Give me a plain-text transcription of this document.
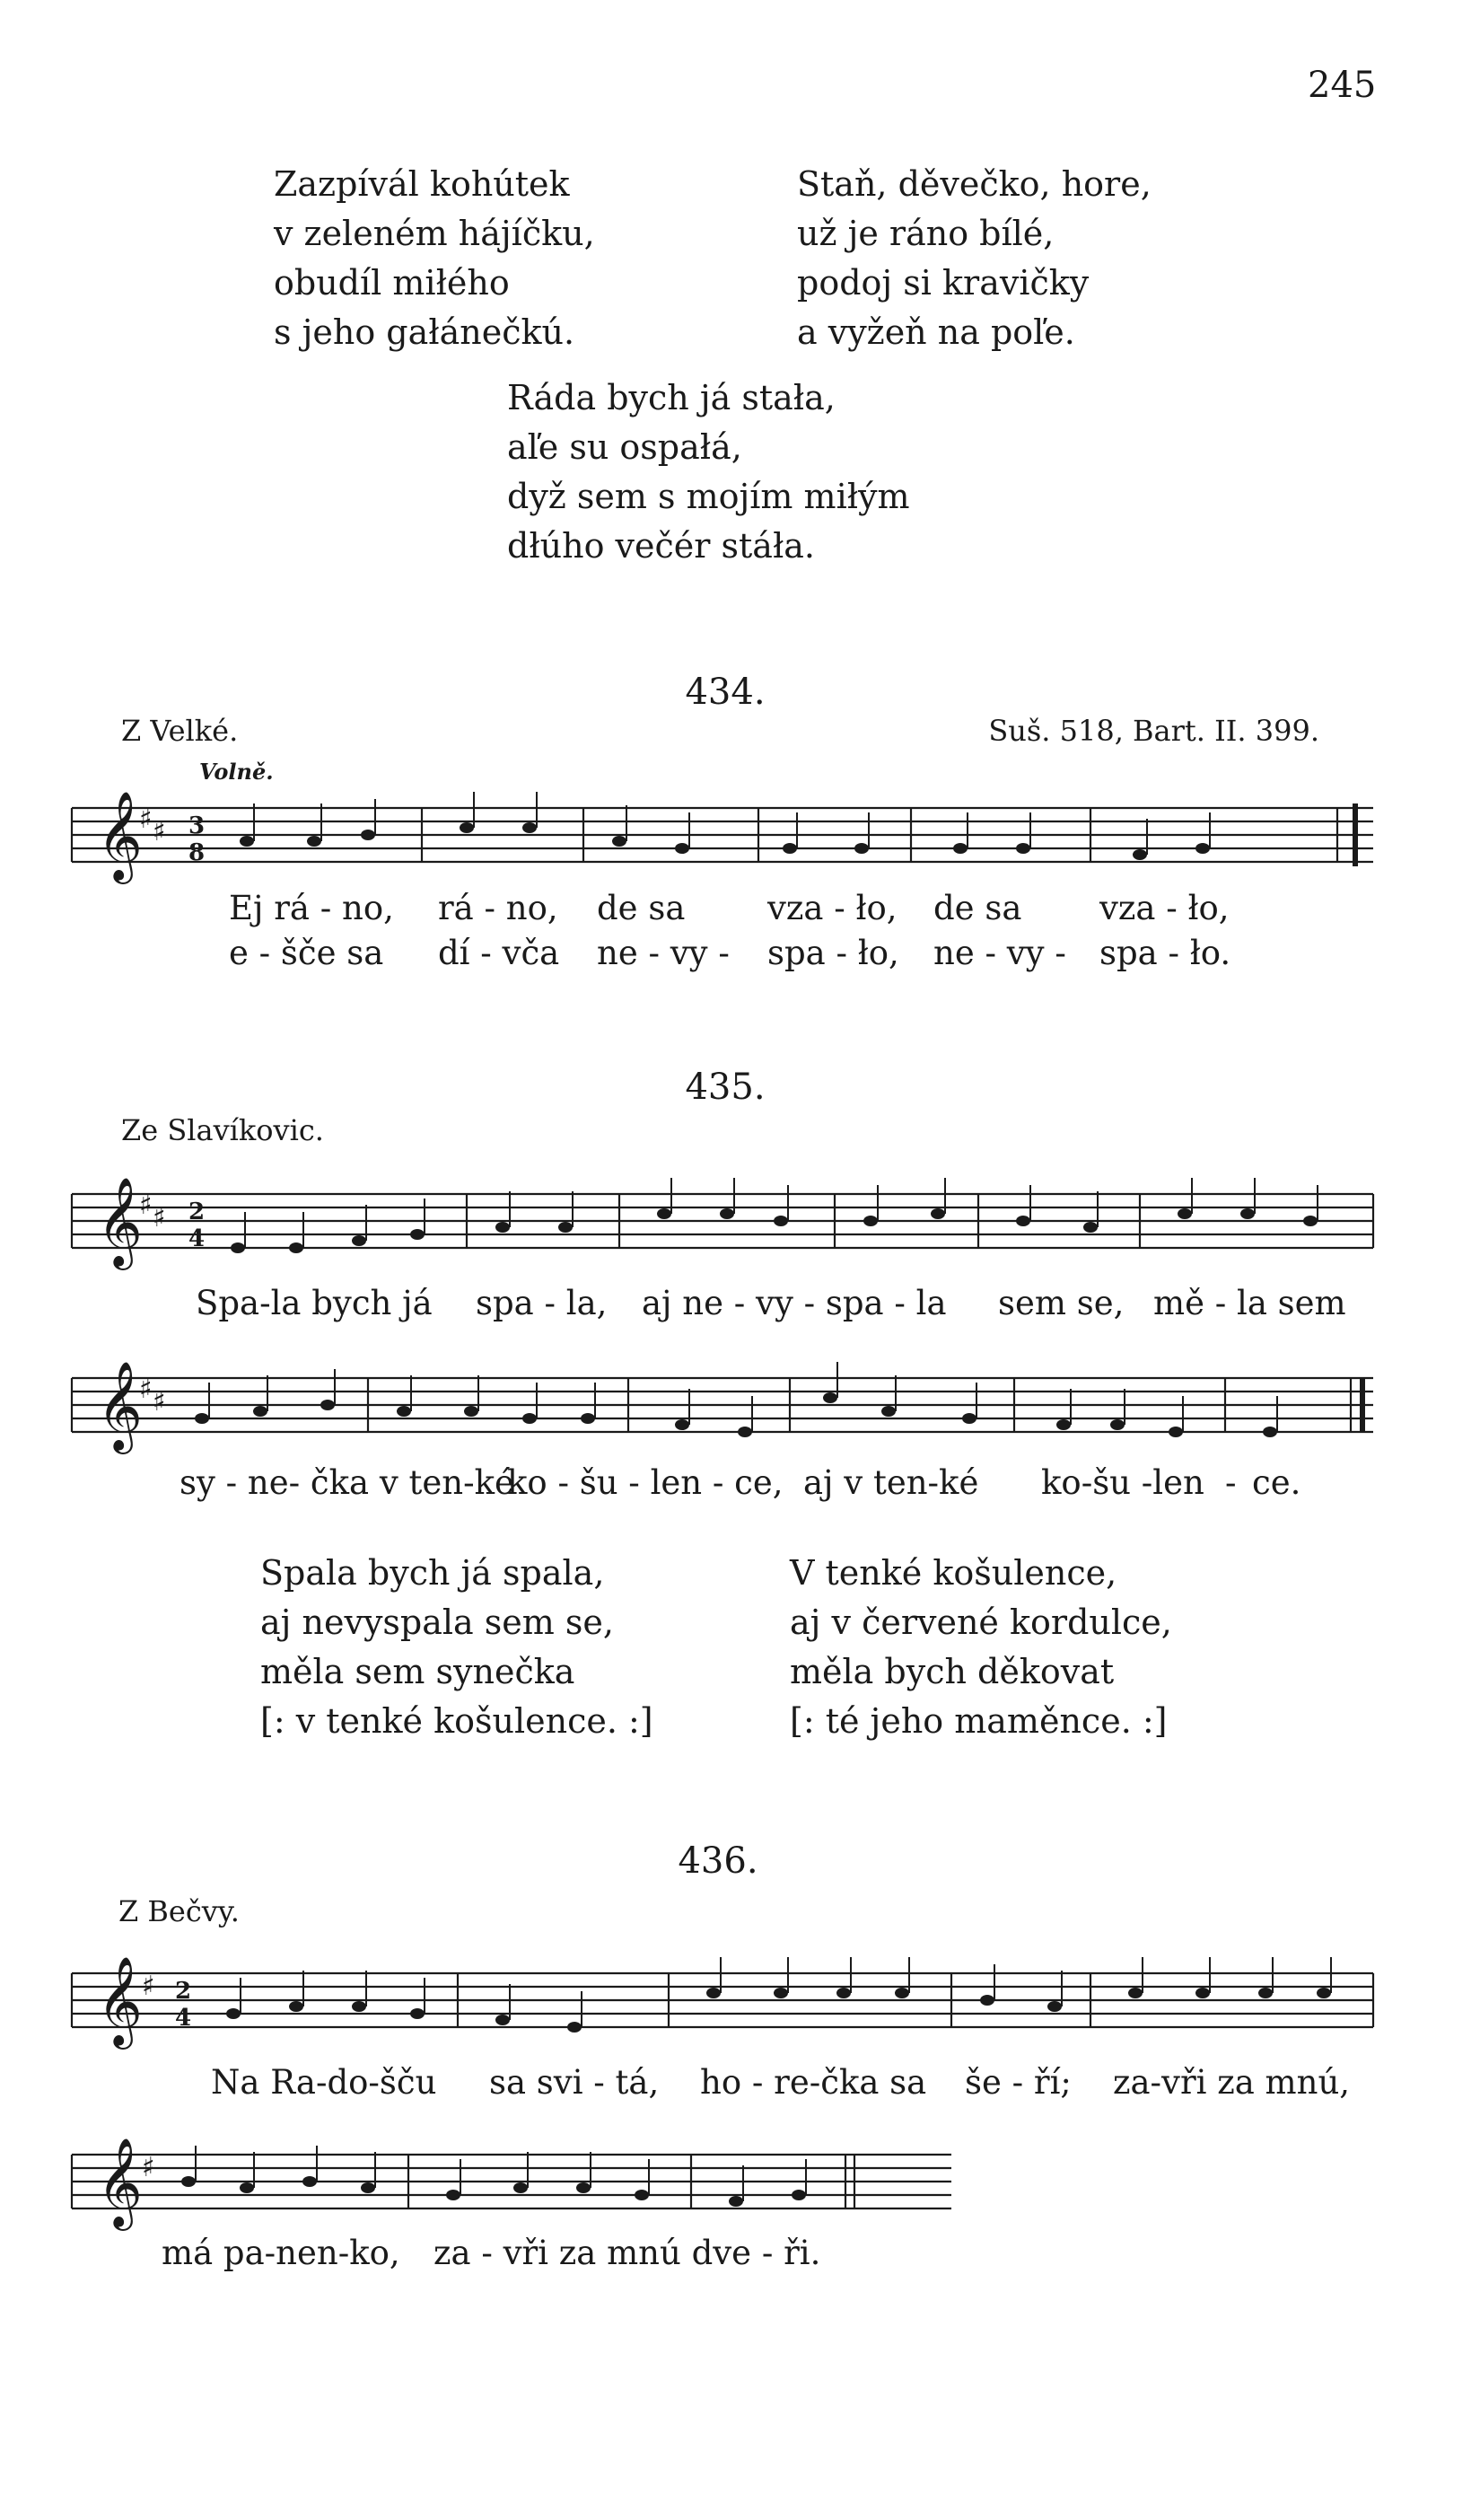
245
Zazpívál kohútek
v zeleném hájíčku,
obudíl miłého
s jeho gałánečkú.
Staň, děvečko, hore,
už je ráno bílé,
podoj si kravičky
a vyžeň na poľe.
Ráda bych já stała,
aľe su ospałá,
dyž sem s mojím miłým
dłúho večér stáła.
434.
Z Velké.
Volně.
Suš. 518, Bart. II. 399.
𝄞
♯ ♯ 3
8
Ej rá - no, rá - no, de sa vza - ło, de sa vza - ło,
e - šče sa dí - vča ne - vy - spa - ło, ne - vy - spa - ło.
435.
Ze Slavíkovic.
𝄞
♯ ♯ 2
4
Spa-la bych já spa - la, aj ne - vy - spa - la sem se, mě - la sem
𝄞
♯ ♯
sy - ne- čka v ten-ké
ko - šu - len - ce, aj v ten-ké ko-šu -len - ce.
Spala bych já spala,
aj nevyspala sem se,
měla sem synečka
[: v tenké košulence. :]
V tenké košulence,
aj v červené kordulce,
měla bych děkovat
[: té jeho maměnce. :]
436.
Z Bečvy.
𝄞 ♯ 2
4
Na Ra-do-šču sa svi - tá, ho - re-čka sa še - ří; za-vři za mnú,
𝄞 ♯
má pa-nen-ko, za - vři za mnú dve - ři.
